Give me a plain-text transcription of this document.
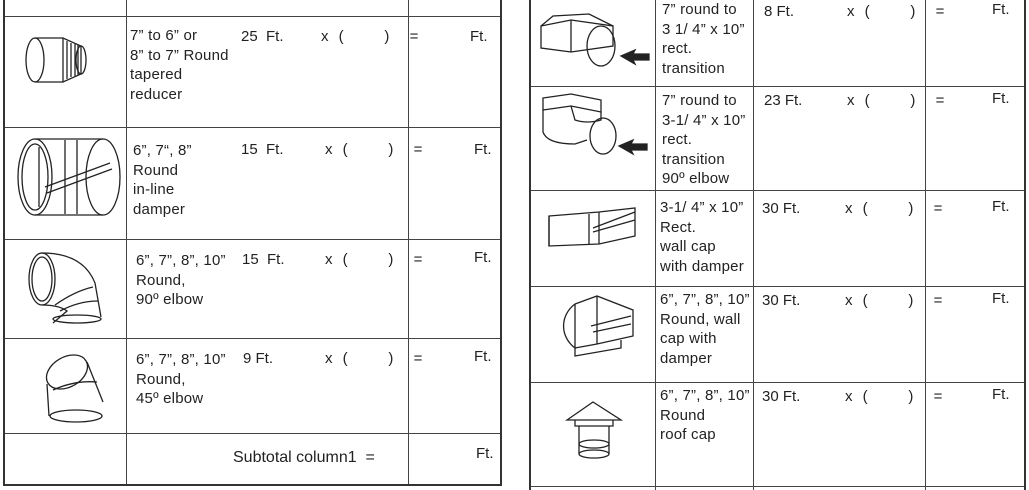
7” to 6” or
8” to 7” Round
tapered
reducer
25  Ft. x (    )  =	Ft.
6”, 7“, 8”
Round
in-line
damper
15  Ft.	x (    )  =	Ft.
6”, 7”, 8”, 10”
Round,
90º elbow
15  Ft.	x (    )  =	Ft.
6”, 7”, 8”, 10”
Round,
45º elbow
9 Ft.	x (    )  =	Ft.
Subtotal column1  =	Ft.
7” round to
3 1/ 4” x 10”
rect.
transition
8 Ft.	x (    )  =	Ft.
7” round to
3-1/ 4” x 10”
rect.
transition
90º elbow
23 Ft.	x (    )  =	Ft.
3-1/ 4” x 10”
Rect.
wall cap
with damper
30 Ft.	x (    )  =	Ft.
6”, 7”, 8”, 10”
Round, wall
cap with
damper
30 Ft.	x (    )  =	Ft.
6”, 7”, 8”, 10”
Round
roof cap
30 Ft.	x (    )  =	Ft.
